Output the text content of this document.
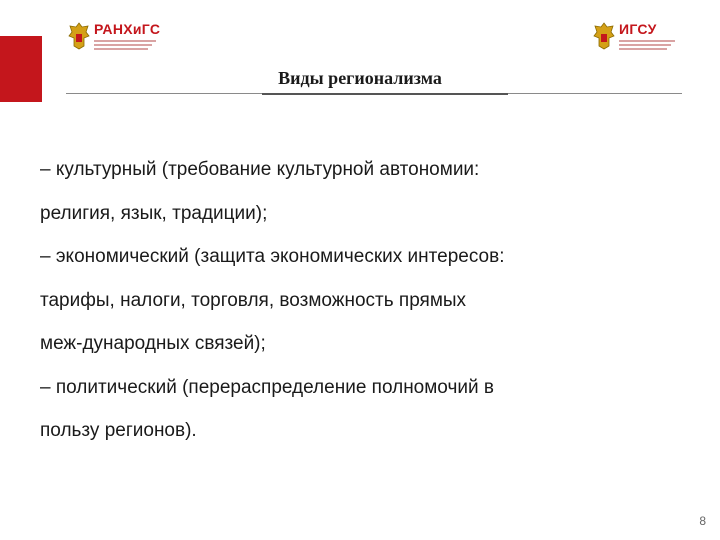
РАНХиГС	ИГСУ
Виды регионализма

– культурный (требование культурной автономии:

религия, язык, традиции);

– экономический (защита экономических интересов:

тарифы, налоги, торговля, возможность прямых

меж-дународных связей);

– политический (перераспределение полномочий в

пользу регионов).

8
